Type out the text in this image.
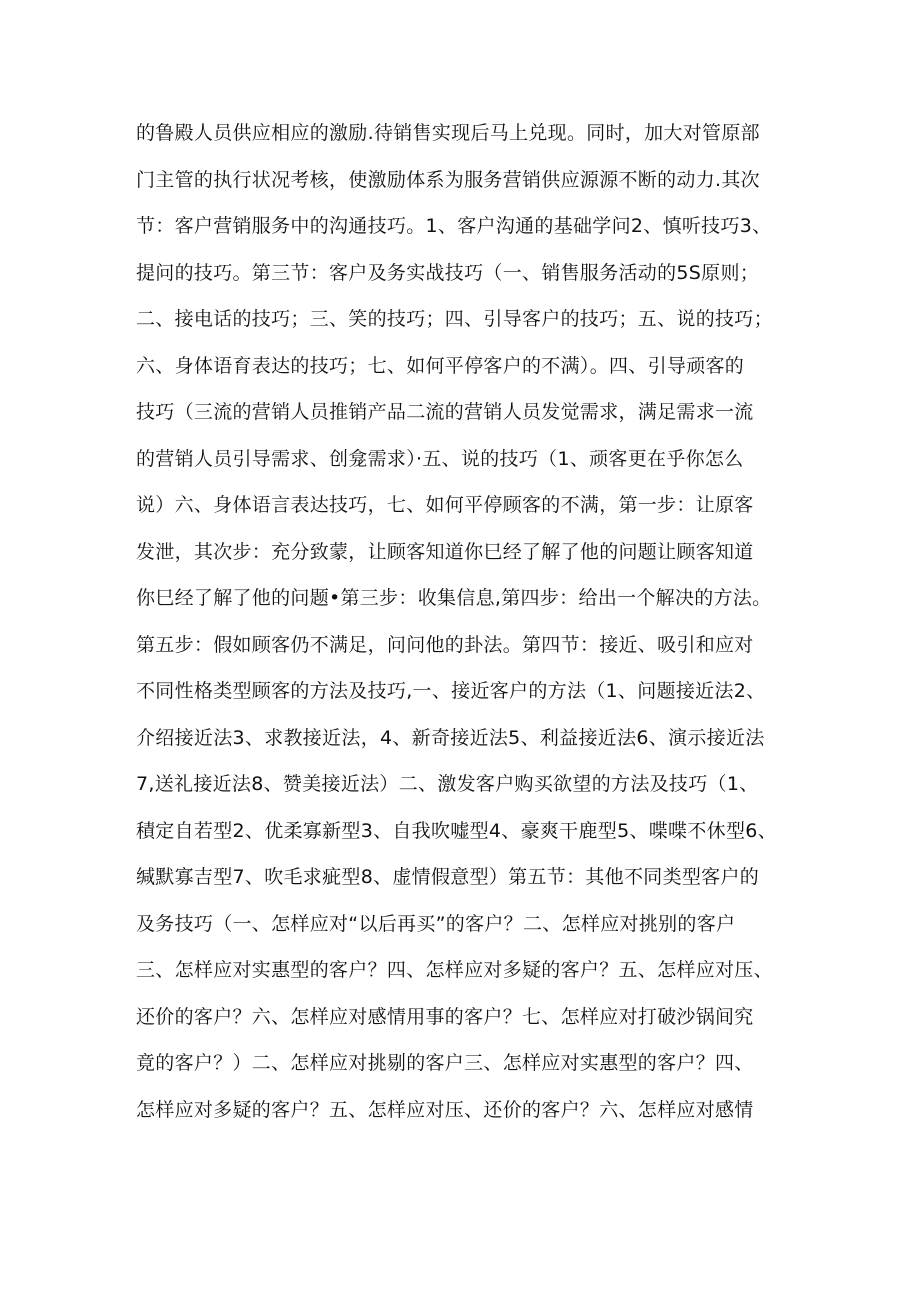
的鲁殿人员供应相应的激励.待销售实现后马上兑现。同时，加大对管原部
门主管的执行状况考核，使激励体系为服务营销供应源源不断的动力.其次
节：客户营销服务中的沟通技巧。1、客户沟通的基础学问2、慎听技巧3、
提问的技巧。第三节：客户及务实战技巧（一、销售服务活动的5S原则；
二、接电话的技巧；三、笑的技巧；四、引导客户的技巧；五、说的技巧；
六、身体语育表达的技巧；七、如何平停客户的不满）。四、引导顽客的
技巧（三流的营销人员推销产品二流的营销人员发觉需求，满足需求一流
的营销人员引导需求、创龛需求）·五、说的技巧（1、顽客更在乎你怎么
说）六、身体语言表达技巧，七、如何平停顾客的不满，第一步：让原客
发泄，其次步：充分致蒙，让顾客知道你巳经了解了他的问题让顾客知道
你巳经了解了他的问题•第三步：收集信息,第四步：给出一个解决的方法。
第五步：假如顾客仍不满足，问问他的卦法。第四节：接近、吸引和应对
不同性格类型顾客的方法及技巧,一、接近客户的方法（1、问题接近法2、
介绍接近法3、求教接近法，4、新奇接近法5、利益接近法6、演示接近法
7,送礼接近法8、赞美接近法）二、激发客户购买欲望的方法及技巧（1、
積定自若型2、优柔寡新型3、自我吹嘘型4、豪爽干鹿型5、喋喋不休型6、
缄默寡吉型7、吹毛求疵型8、虚情假意型）第五节：其他不同类型客户的
及务技巧（一、怎样应对“以后再买”的客户？二、怎样应对挑别的客户
三、怎样应对实惠型的客户？四、怎样应对多疑的客户？五、怎样应对压、
还价的客户？六、怎样应对感情用事的客户？七、怎样应对打破沙锅间究
竟的客户？）二、怎样应对挑剔的客户三、怎样应对实惠型的客户？四、
怎样应对多疑的客户？五、怎样应对压、还价的客户？六、怎样应对感情
